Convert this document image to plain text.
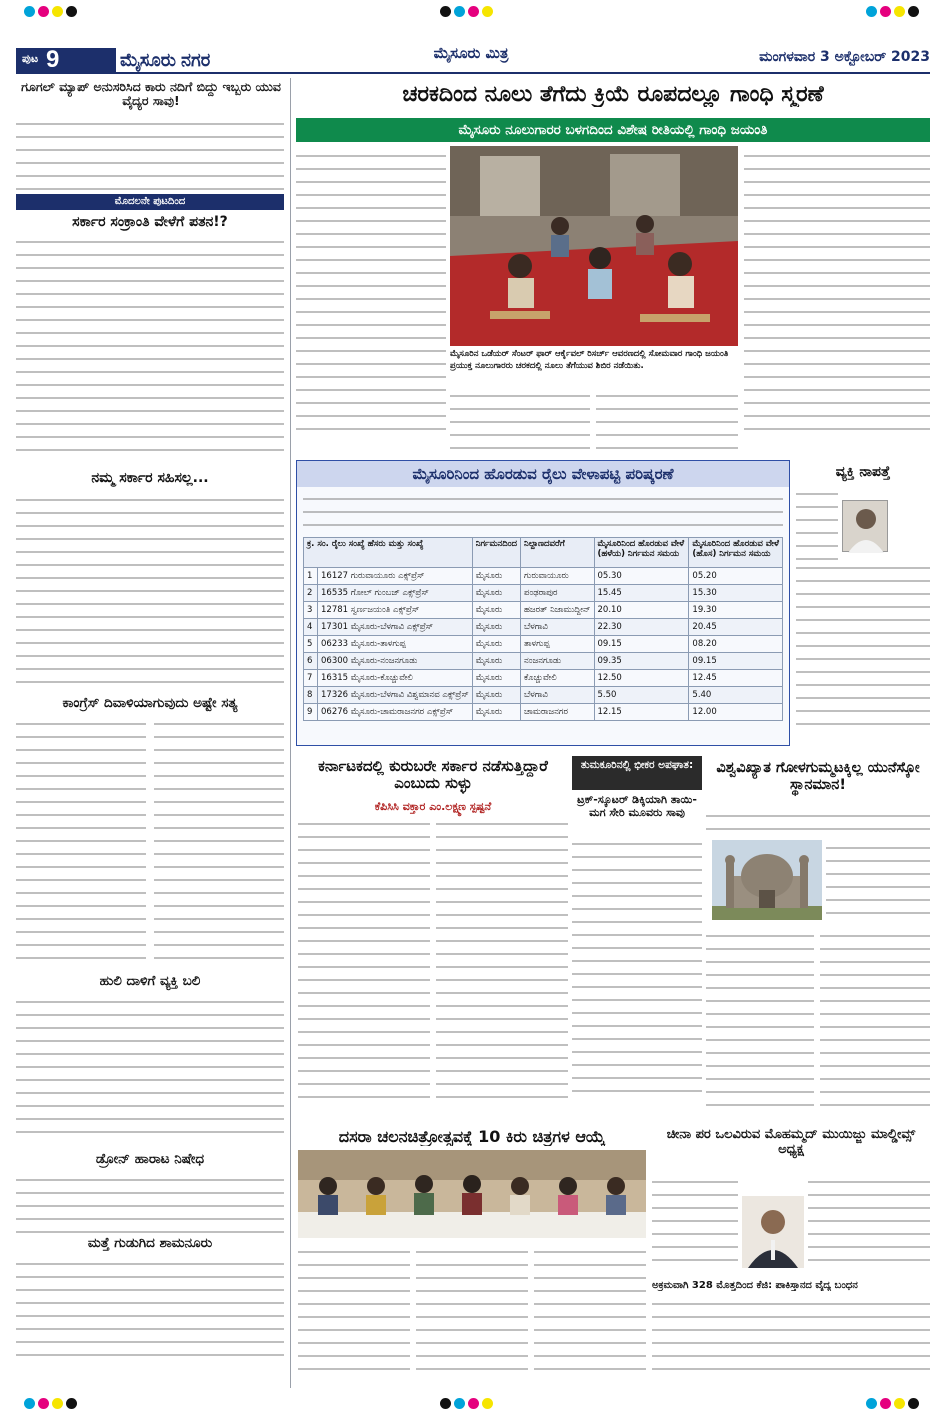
ಪುಟ 9	ಮೈಸೂರು ನಗರ	ಮೈಸೂರು ಮಿತ್ರ	ಮಂಗಳವಾರ 3 ಅಕ್ಟೋಬರ್ 2023
ಗೂಗಲ್ ಮ್ಯಾಪ್ ಅನುಸರಿಸಿದ ಕಾರು ನದಿಗೆ ಬಿದ್ದು ಇಬ್ಬರು ಯುವ ವೈದ್ಯರ ಸಾವು!
ಮೊದಲನೇ ಪುಟದಿಂದ
ಸರ್ಕಾರ ಸಂಕ್ರಾಂತಿ ವೇಳೆಗೆ ಪತನ!?
ನಮ್ಮ ಸರ್ಕಾರ ಸಹಿಸಲ್ಲ...
ಕಾಂಗ್ರೆಸ್ ದಿವಾಳಿಯಾಗುವುದು ಅಷ್ಟೇ ಸತ್ಯ
ಹುಲಿ ದಾಳಿಗೆ ವ್ಯಕ್ತಿ ಬಲಿ
ಡ್ರೋನ್ ಹಾರಾಟ ನಿಷೇಧ
ಮತ್ತೆ ಗುಡುಗಿದ ಶಾಮನೂರು
ಚರಕದಿಂದ ನೂಲು ತೆಗೆದು ಕ್ರಿಯೆ ರೂಪದಲ್ಲೂ ಗಾಂಧಿ ಸ್ಮರಣೆ
ಮೈಸೂರು ನೂಲುಗಾರರ ಬಳಗದಿಂದ ವಿಶೇಷ ರೀತಿಯಲ್ಲಿ ಗಾಂಧಿ ಜಯಂತಿ
ಮೈಸೂರಿನ ಒಡೆಯರ್ ಸೆಂಟರ್ ಫಾರ್ ಆರ್ಕೈವಲ್ ರಿಸರ್ಚ್ ಆವರಣದಲ್ಲಿ ಸೋಮವಾರ ಗಾಂಧಿ ಜಯಂತಿ ಪ್ರಯುಕ್ತ ನೂಲುಗಾರರು ಚರಕದಲ್ಲಿ ನೂಲು ತೆಗೆಯುವ ಶಿಬಿರ ನಡೆಯಿತು.
ಮೈಸೂರಿನಿಂದ ಹೊರಡುವ ರೈಲು ವೇಳಾಪಟ್ಟಿ ಪರಿಷ್ಕರಣೆ
ಕ್ರ. ಸಂ. ರೈಲು ಸಂಖ್ಯೆ ಹೆಸರು ಮತ್ತು ಸಂಖ್ಯೆ		ನಿರ್ಗಮನದಿಂದ	ನಿಲ್ದಾಣದವರೆಗೆ	ಮೈಸೂರಿನಿಂದ ಹೊರಡುವ ವೇಳೆ (ಹಳೆಯ) ನಿರ್ಗಮನ ಸಮಯ	ಮೈಸೂರಿನಿಂದ ಹೊರಡುವ ವೇಳೆ (ಹೊಸ) ನಿರ್ಗಮನ ಸಮಯ
1	16127 ಗುರುವಾಯೂರು ಎಕ್ಸ್‌ಪ್ರೆಸ್	ಮೈಸೂರು	ಗುರುವಾಯೂರು	05.30	05.20
2	16535 ಗೋಲ್ ಗುಂಬಜ್ ಎಕ್ಸ್‌ಪ್ರೆಸ್	ಮೈಸೂರು	ಪಂಢರಾಪುರ	15.45	15.30
3	12781 ಸ್ವರ್ಣಜಯಂತಿ ಎಕ್ಸ್‌ಪ್ರೆಸ್	ಮೈಸೂರು	ಹಜರತ್ ನಿಜಾಮುದ್ದೀನ್	20.10	19.30
4	17301 ಮೈಸೂರು-ಬೆಳಗಾವಿ ಎಕ್ಸ್‌ಪ್ರೆಸ್	ಮೈಸೂರು	ಬೆಳಗಾವಿ	22.30	20.45
5	06233 ಮೈಸೂರು-ತಾಳಗುಪ್ಪ	ಮೈಸೂರು	ತಾಳಗುಪ್ಪ	09.15	08.20
6	06300 ಮೈಸೂರು-ನಂಜನಗೂಡು	ಮೈಸೂರು	ನಂಜನಗೂಡು	09.35	09.15
7	16315 ಮೈಸೂರು-ಕೊಚ್ಚುವೇಲಿ	ಮೈಸೂರು	ಕೊಚ್ಚುವೇಲಿ	12.50	12.45
8	17326 ಮೈಸೂರು-ಬೆಳಗಾವಿ ವಿಶ್ವಮಾನವ ಎಕ್ಸ್‌ಪ್ರೆಸ್	ಮೈಸೂರು	ಬೆಳಗಾವಿ	5.50	5.40
9	06276 ಮೈಸೂರು-ಚಾಮರಾಜನಗರ ಎಕ್ಸ್‌ಪ್ರೆಸ್	ಮೈಸೂರು	ಚಾಮರಾಜನಗರ	12.15	12.00
ವ್ಯಕ್ತಿ ನಾಪತ್ತೆ
ಕರ್ನಾಟಕದಲ್ಲಿ ಕುರುಬರೇ ಸರ್ಕಾರ ನಡೆಸುತ್ತಿದ್ದಾರೆ ಎಂಬುದು ಸುಳ್ಳು
ಕೆಪಿಸಿಸಿ ವಕ್ತಾರ ಎಂ.ಲಕ್ಷ್ಮಣ ಸ್ಪಷ್ಟನೆ
ತುಮಕೂರಿನಲ್ಲಿ ಭೀಕರ ಅಪಘಾತ:
ಟ್ರಕ್-ಸ್ಕೂಟರ್ ಡಿಕ್ಕಿಯಾಗಿ ತಾಯಿ-ಮಗ ಸೇರಿ ಮೂವರು ಸಾವು
ವಿಶ್ವವಿಖ್ಯಾತ ಗೋಳಗುಮ್ಮಟಕ್ಕಿಲ್ಲ ಯುನೆಸ್ಕೋ ಸ್ಥಾನಮಾನ!
ದಸರಾ ಚಲನಚಿತ್ರೋತ್ಸವಕ್ಕೆ 10 ಕಿರು ಚಿತ್ರಗಳ ಆಯ್ಕೆ	ಚೀನಾ ಪರ ಒಲವಿರುವ ಮೊಹಮ್ಮದ್ ಮುಯಿಜ್ಜು ಮಾಲ್ಡೀವ್ಸ್ ಅಧ್ಯಕ್ಷ
ಅಕ್ರಮವಾಗಿ 328 ಮೊತ್ತದಿಂದ ಕೆಜಿ: ಪಾಕಿಸ್ತಾನದ ವೈದ್ಯ ಬಂಧನ
